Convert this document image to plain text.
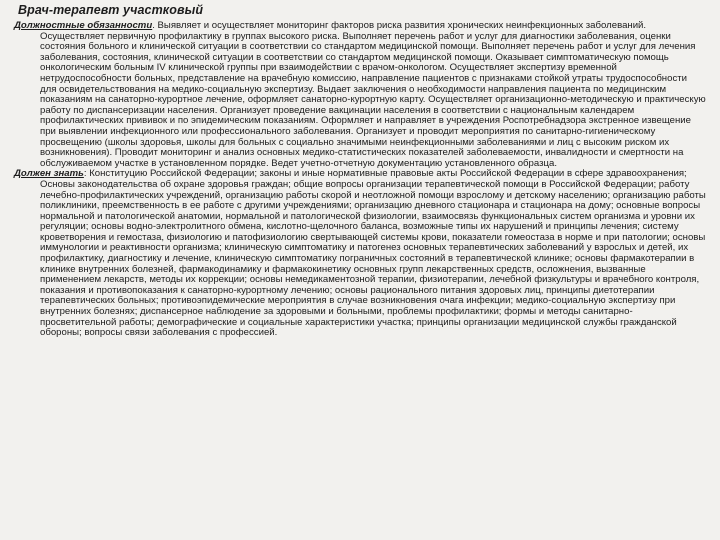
Врач-терапевт участковый

Должностные обязанности. Выявляет и осуществляет мониторинг факторов риска развития хронических неинфекционных заболеваний. Осуществляет первичную профилактику в группах высокого риска. Выполняет перечень работ и услуг для диагностики заболевания, оценки состояния больного и клинической ситуации в соответствии со стандартом медицинской помощи. Выполняет перечень работ и услуг для лечения заболевания, состояния, клинической ситуации в соответствии со стандартом медицинской помощи. Оказывает симптоматическую помощь онкологическим больным IV клинической группы при взаимодействии с врачом-онкологом. Осуществляет экспертизу временной нетрудоспособности больных, представление на врачебную комиссию, направление пациентов с признаками стойкой утраты трудоспособности для освидетельствования на медико-социальную экспертизу. Выдает заключения о необходимости направления пациента по медицинским показаниям на санаторно-курортное лечение, оформляет санаторно-курортную карту. Осуществляет организационно-методическую и практическую работу по диспансеризации населения. Организует проведение вакцинации населения в соответствии с национальным календарем профилактических прививок и по эпидемическим показаниям. Оформляет и направляет в учреждения Роспотребнадзора экстренное извещение при выявлении инфекционного или профессионального заболевания. Организует и проводит мероприятия по санитарно-гигиеническому просвещению (школы здоровья, школы для больных с социально значимыми неинфекционными заболеваниями и лиц с высоким риском их возникновения). Проводит мониторинг и анализ основных медико-статистических показателей заболеваемости, инвалидности и смертности на обслуживаемом участке в установленном порядке. Ведет учетно-отчетную документацию установленного образца.

Должен знать: Конституцию Российской Федерации; законы и иные нормативные правовые акты Российской Федерации в сфере здравоохранения; Основы законодательства об охране здоровья граждан; общие вопросы организации терапевтической помощи в Российской Федерации; работу лечебно-профилактических учреждений, организацию работы скорой и неотложной помощи взрослому и детскому населению; организацию работы поликлиники, преемственность в ее работе с другими учреждениями; организацию дневного стационара и стационара на дому; основные вопросы нормальной и патологической анатомии, нормальной и патологической физиологии, взаимосвязь функциональных систем организма и уровни их регуляции; основы водно-электролитного обмена, кислотно-щелочного баланса, возможные типы их нарушений и принципы лечения; систему кроветворения и гемостаза, физиологию и патофизиологию свертывающей системы крови, показатели гомеостаза в норме и при патологии; основы иммунологии и реактивности организма; клиническую симптоматику и патогенез основных терапевтических заболеваний у взрослых и детей, их профилактику, диагностику и лечение, клиническую симптоматику пограничных состояний в терапевтической клинике; основы фармакотерапии в клинике внутренних болезней, фармакодинамику и фармакокинетику основных групп лекарственных средств, осложнения, вызванные применением лекарств, методы их коррекции; основы немедикаментозной терапии, физиотерапии, лечебной физкультуры и врачебного контроля, показания и противопоказания к санаторно-курортному лечению; основы рационального питания здоровых лиц, принципы диетотерапии терапевтических больных; противоэпидемические мероприятия в случае возникновения очага инфекции; медико-социальную экспертизу при внутренних болезнях; диспансерное наблюдение за здоровыми и больными, проблемы профилактики; формы и методы санитарно-просветительной работы; демографические и социальные характеристики участка; принципы организации медицинской службы гражданской обороны; вопросы связи заболевания с профессией.
